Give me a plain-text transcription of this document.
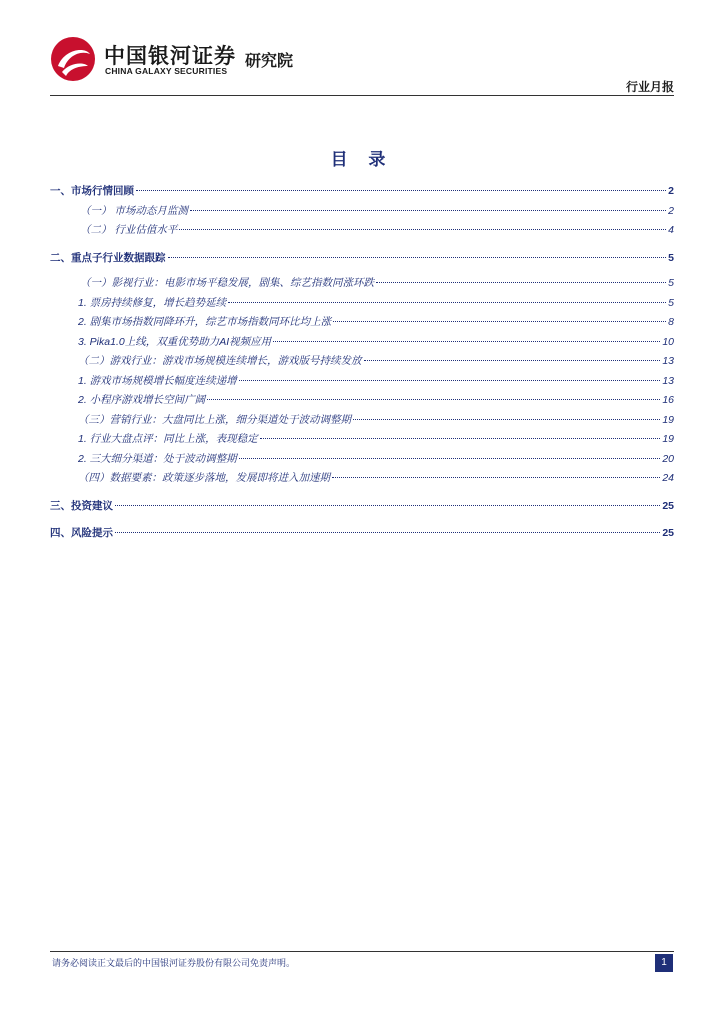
中国银河证券
CHINA GALAXY SECURITIES
研究院
行业月报
目 录
一、市场行情回顾	2
（一） 市场动态月监测	2
（二） 行业估值水平	4
二、重点子行业数据跟踪	5
（一）影视行业：电影市场平稳发展，剧集、综艺指数同涨环跌	5
1. 票房持续修复，增长趋势延续	5
2. 剧集市场指数同降环升，综艺市场指数同环比均上涨	8
3. Pika1.0上线，双重优势助力AI视频应用	10
（二）游戏行业：游戏市场规模连续增长，游戏版号持续发放	13
1. 游戏市场规模增长幅度连续递增	13
2. 小程序游戏增长空间广阔	16
（三）营销行业：大盘同比上涨，细分渠道处于波动调整期	19
1. 行业大盘点评：同比上涨，表现稳定	19
2. 三大细分渠道：处于波动调整期	20
（四）数据要素：政策逐步落地，发展即将进入加速期	24
三、投资建议	25
四、风险提示	25
请务必阅读正文最后的中国银河证券股份有限公司免责声明。	1
